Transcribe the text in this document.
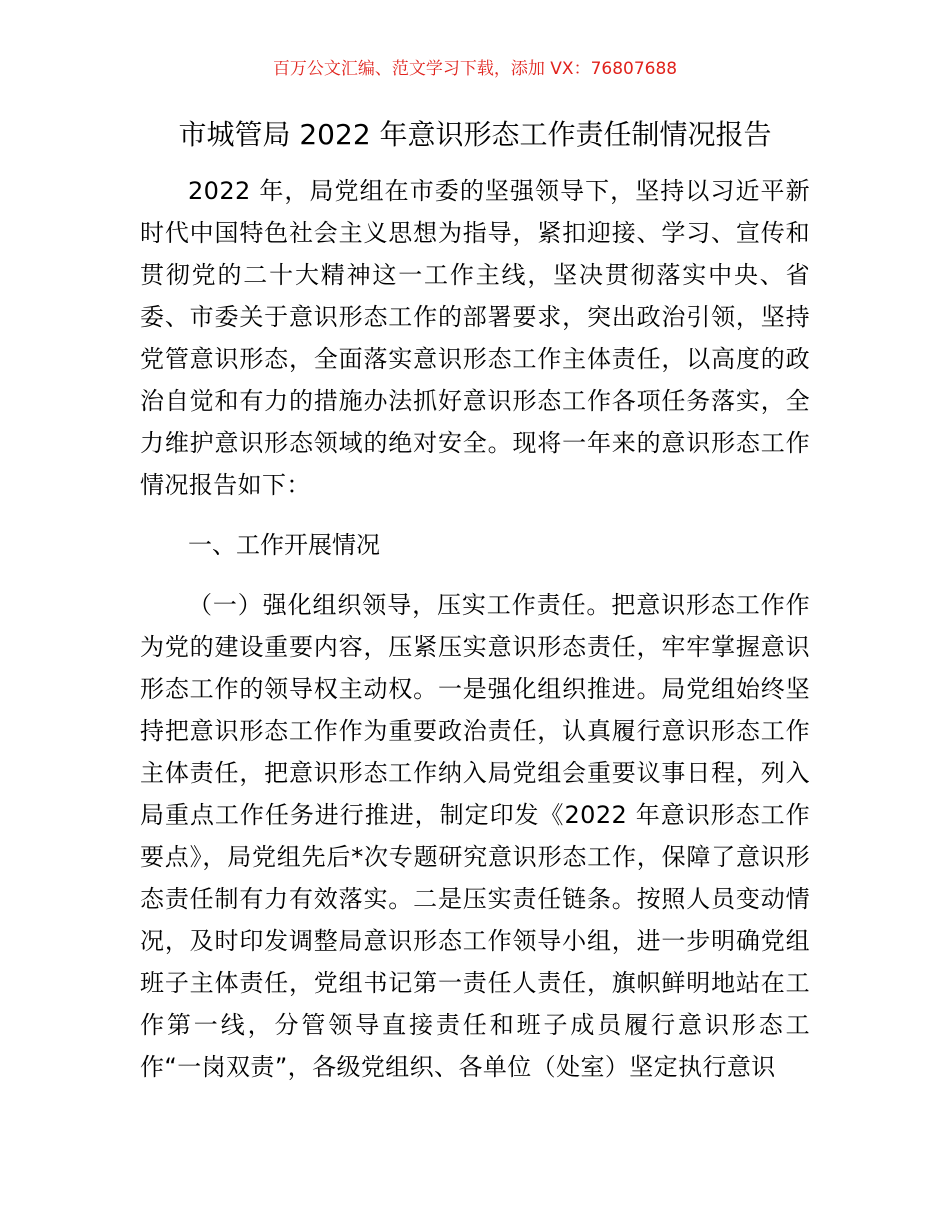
百万公文汇编、范文学习下载，添加 VX：76807688
市城管局 2022 年意识形态工作责任制情况报告

2022 年，局党组在市委的坚强领导下，坚持以习近平新时代中国特色社会主义思想为指导，紧扣迎接、学习、宣传和贯彻党的二十大精神这一工作主线，坚决贯彻落实中央、省委、市委关于意识形态工作的部署要求，突出政治引领，坚持党管意识形态，全面落实意识形态工作主体责任，以高度的政治自觉和有力的措施办法抓好意识形态工作各项任务落实，全力维护意识形态领域的绝对安全。现将一年来的意识形态工作情况报告如下：

一、工作开展情况

（一）强化组织领导，压实工作责任。把意识形态工作作为党的建设重要内容，压紧压实意识形态责任，牢牢掌握意识形态工作的领导权主动权。一是强化组织推进。局党组始终坚持把意识形态工作作为重要政治责任，认真履行意识形态工作主体责任，把意识形态工作纳入局党组会重要议事日程，列入局重点工作任务进行推进，制定印发《2022 年意识形态工作要点》，局党组先后*次专题研究意识形态工作，保障了意识形态责任制有力有效落实。二是压实责任链条。按照人员变动情况，及时印发调整局意识形态工作领导小组，进一步明确党组班子主体责任，党组书记第一责任人责任，旗帜鲜明地站在工作第一线，分管领导直接责任和班子成员履行意识形态工作“一岗双责”，各级党组织、各单位（处室）坚定执行意识
